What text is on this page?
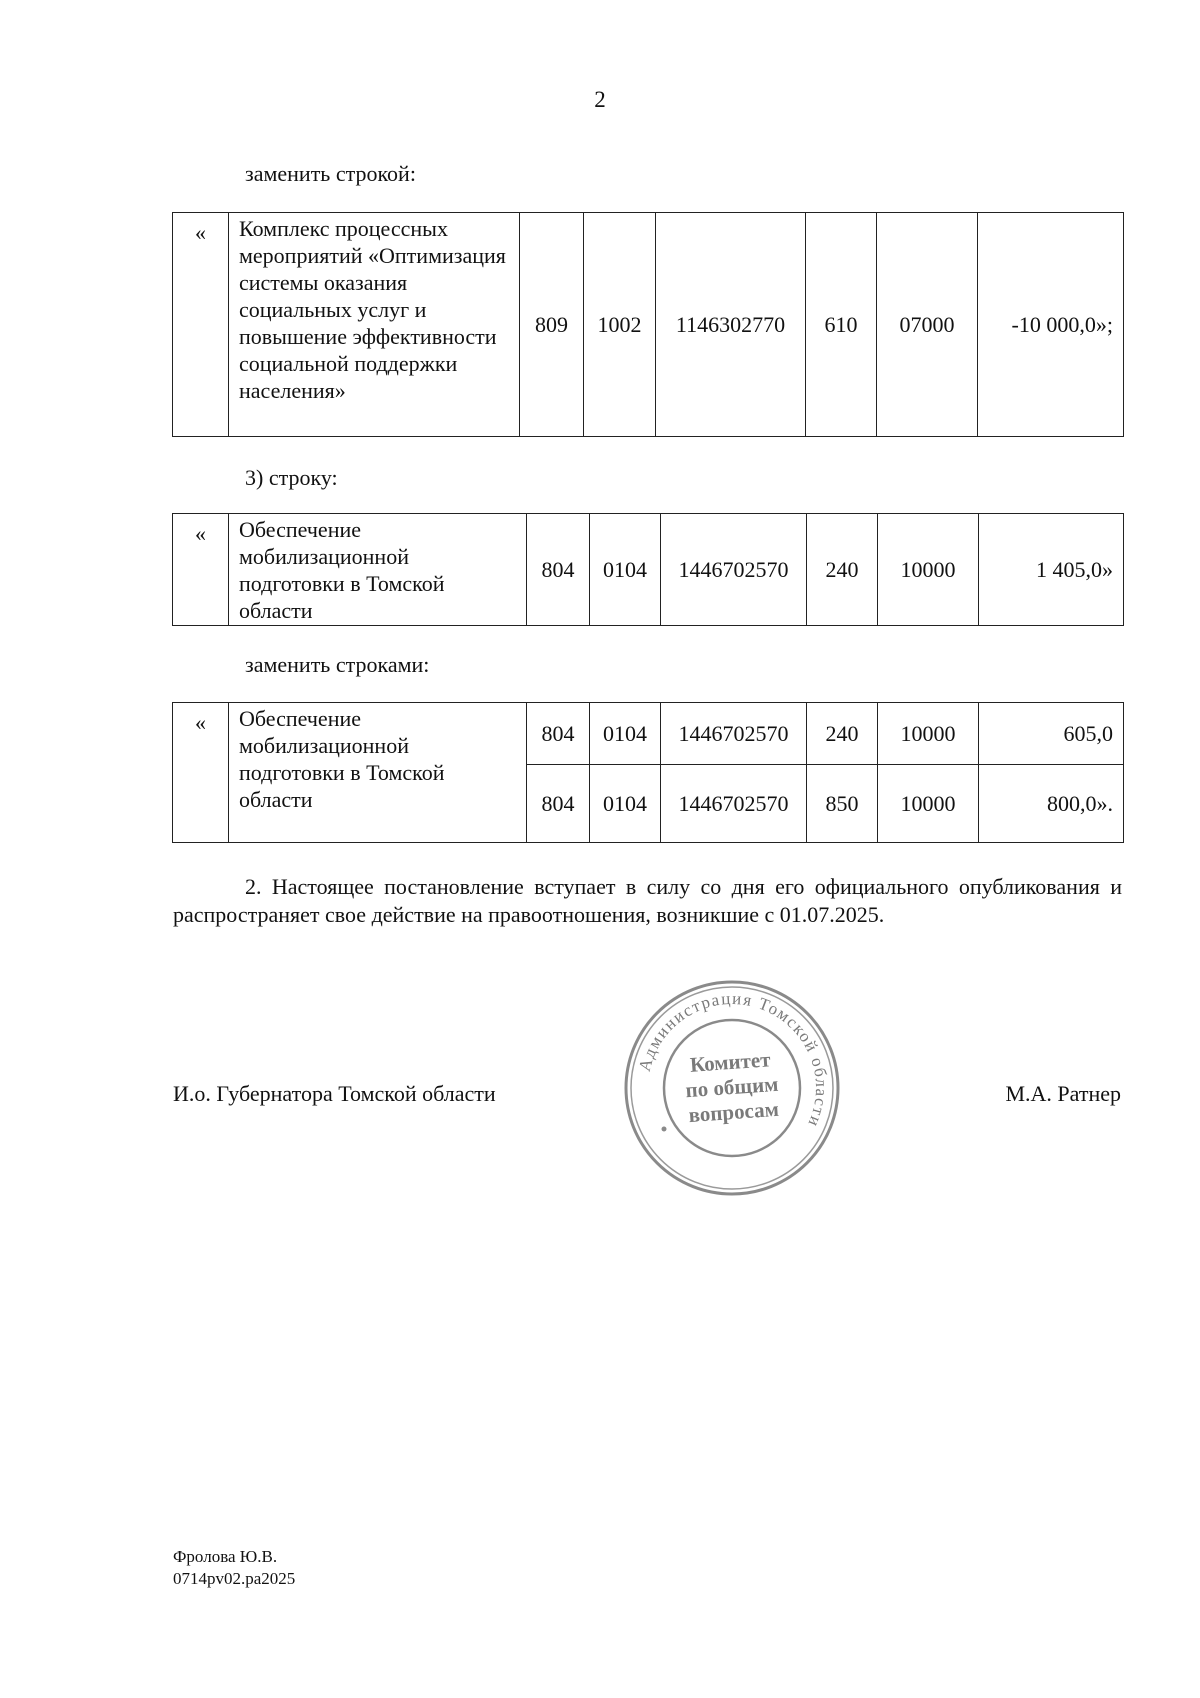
2
заменить строкой:
«	Комплекс процессных мероприятий «Оптимизация системы оказания социальных услуг и повышение эффективности социальной поддержки населения»	809	1002	1146302770	610	07000	-10 000,0»;
3) строку:
«	Обеспечение мобилизационной подготовки в Томской области	804	0104	1446702570	240	10000	1 405,0»
заменить строками:
«	Обеспечение мобилизационной подготовки в Томской области	804	0104	1446702570	240	10000	605,0
		804	0104	1446702570	850	10000	800,0».
2. Настоящее постановление вступает в силу со дня его официального опубликования и распространяет свое действие на правоотношения, возникшие с 01.07.2025.
И.о. Губернатора Томской области	М.А. Ратнер
Администрация Томской области
Комитет
по общим
вопросам
Фролова Ю.В.
0714pv02.pa2025
